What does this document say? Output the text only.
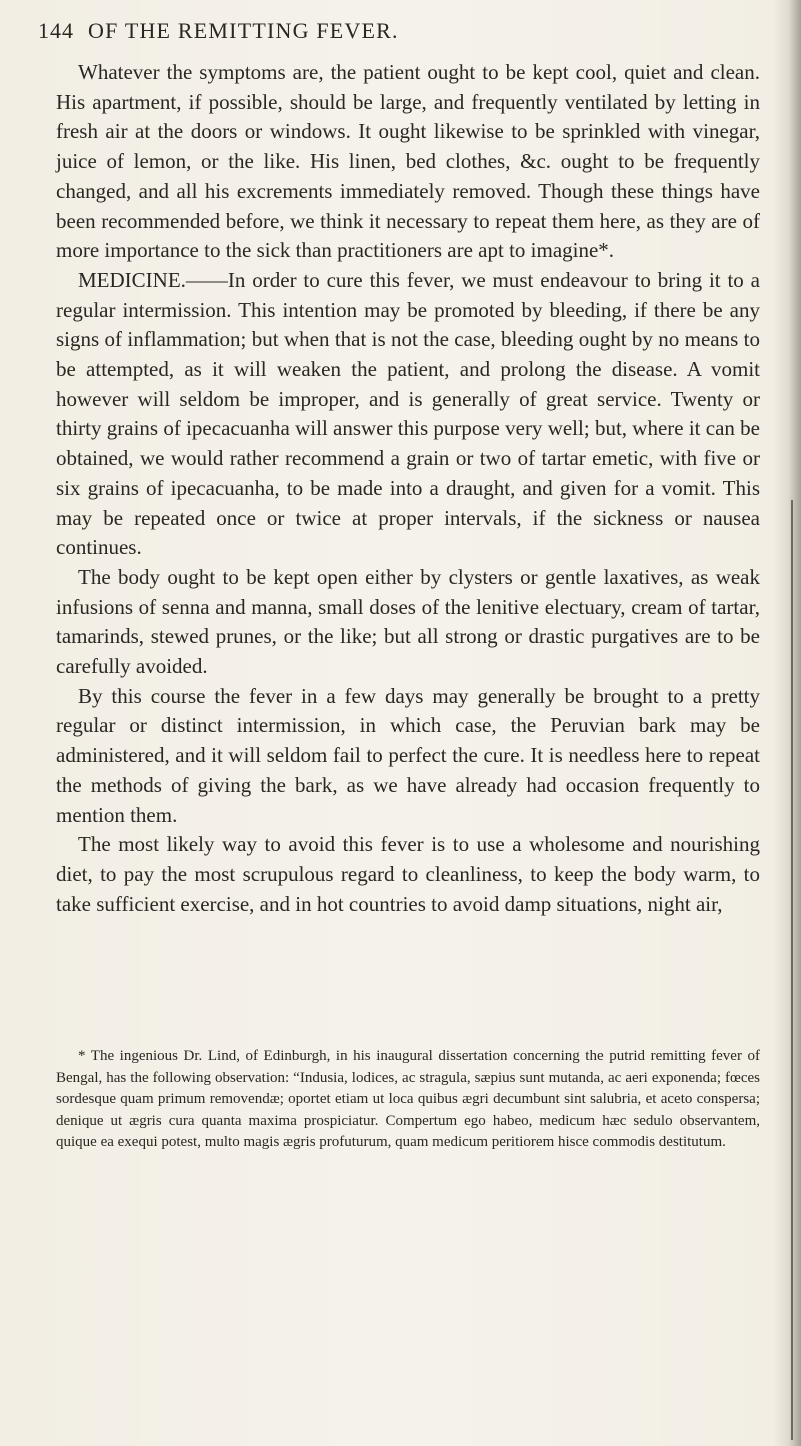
144 OF THE REMITTING FEVER.

Whatever the symptoms are, the patient ought to be kept cool, quiet and clean. His apartment, if possible, should be large, and frequently ventilated by letting in fresh air at the doors or windows. It ought likewise to be sprinkled with vinegar, juice of lemon, or the like. His linen, bed clothes, &c. ought to be frequently changed, and all his excrements immediately removed. Though these things have been recommended before, we think it necessary to repeat them here, as they are of more importance to the sick than practitioners are apt to imagine*.

MEDICINE.——In order to cure this fever, we must endeavour to bring it to a regular intermission. This intention may be promoted by bleeding, if there be any signs of inflammation; but when that is not the case, bleeding ought by no means to be attempted, as it will weaken the patient, and prolong the disease. A vomit however will seldom be improper, and is generally of great service. Twenty or thirty grains of ipecacuanha will answer this purpose very well; but, where it can be obtained, we would rather recommend a grain or two of tartar emetic, with five or six grains of ipecacuanha, to be made into a draught, and given for a vomit. This may be repeated once or twice at proper intervals, if the sickness or nausea continues.

The body ought to be kept open either by clysters or gentle laxatives, as weak infusions of senna and manna, small doses of the lenitive electuary, cream of tartar, tamarinds, stewed prunes, or the like; but all strong or drastic purgatives are to be carefully avoided.

By this course the fever in a few days may generally be brought to a pretty regular or distinct intermission, in which case, the Peruvian bark may be administered, and it will seldom fail to perfect the cure. It is needless here to repeat the methods of giving the bark, as we have already had occasion frequently to mention them.

The most likely way to avoid this fever is to use a wholesome and nourishing diet, to pay the most scrupulous regard to cleanliness, to keep the body warm, to take sufficient exercise, and in hot countries to avoid damp situations, night air,

* The ingenious Dr. Lind, of Edinburgh, in his inaugural dissertation concerning the putrid remitting fever of Bengal, has the following observation: “Indusia, lodices, ac stragula, sæpius sunt mutanda, ac aeri exponenda; fœces sordesque quam primum removendæ; oportet etiam ut loca quibus ægri decumbunt sint salubria, et aceto conspersa; denique ut ægris cura quanta maxima prospiciatur. Compertum ego habeo, medicum hæc sedulo observantem, quique ea exequi potest, multo magis ægris profuturum, quam medicum peritiorem hisce commodis destitutum.
